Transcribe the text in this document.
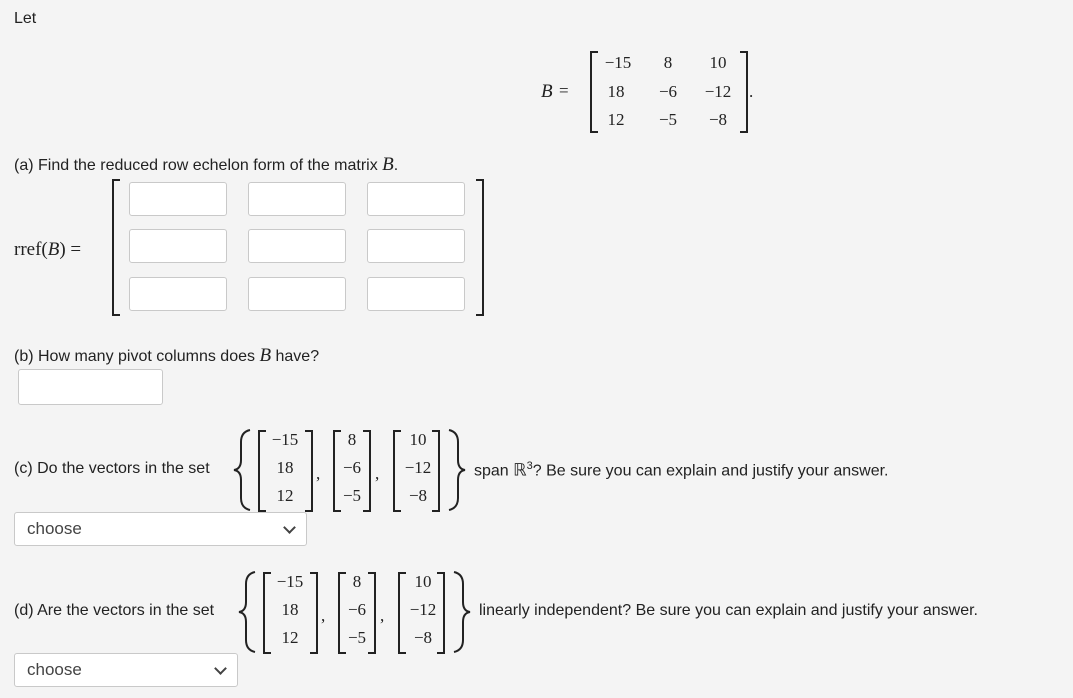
Let
B =
−15	8	10
18	−6	−12
12	−5	−8
.
(a) Find the reduced row echelon form of the matrix B.
rref(B) =
(b) How many pivot columns does B have?
(c) Do the vectors in the set
−15
18
12
,
8
−6
−5
,
10
−12
−8
span ℝ$^3$? Be sure you can explain and justify your answer.
choose
(d) Are the vectors in the set
−15
18
12
,
8
−6
−5
,
10
−12
−8
linearly independent? Be sure you can explain and justify your answer.
choose
